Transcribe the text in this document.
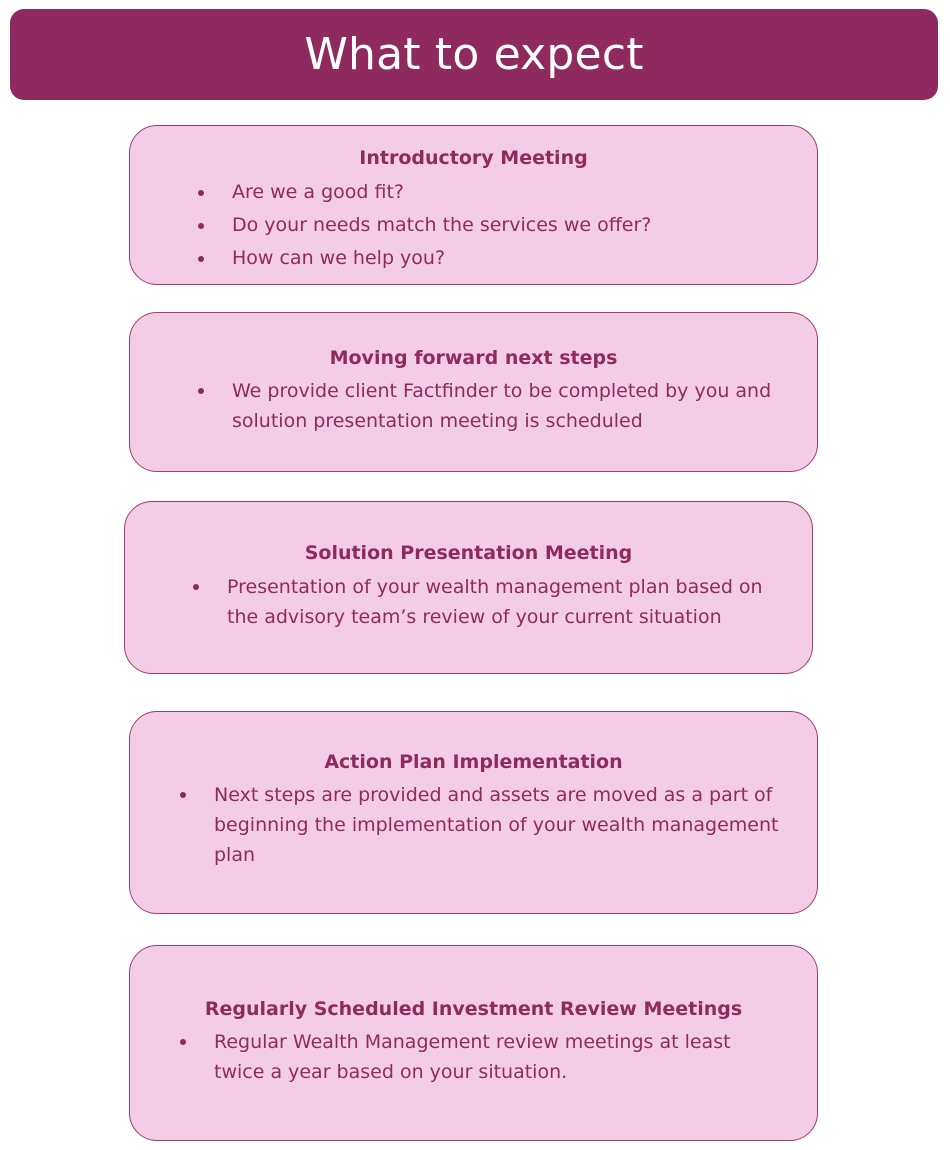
What to expect
Introductory Meeting
Are we a good fit?
Do your needs match the services we offer?
How can we help you?
Moving forward next steps
We provide client Factfinder to be completed by you and solution presentation meeting is scheduled
Solution Presentation Meeting
Presentation of your wealth management plan based on the advisory team’s review of your current situation
Action Plan Implementation
Next steps are provided and assets are moved as a part of beginning the implementation of your wealth management plan
Regularly Scheduled Investment Review Meetings
Regular Wealth Management review meetings at least twice a year based on your situation.
